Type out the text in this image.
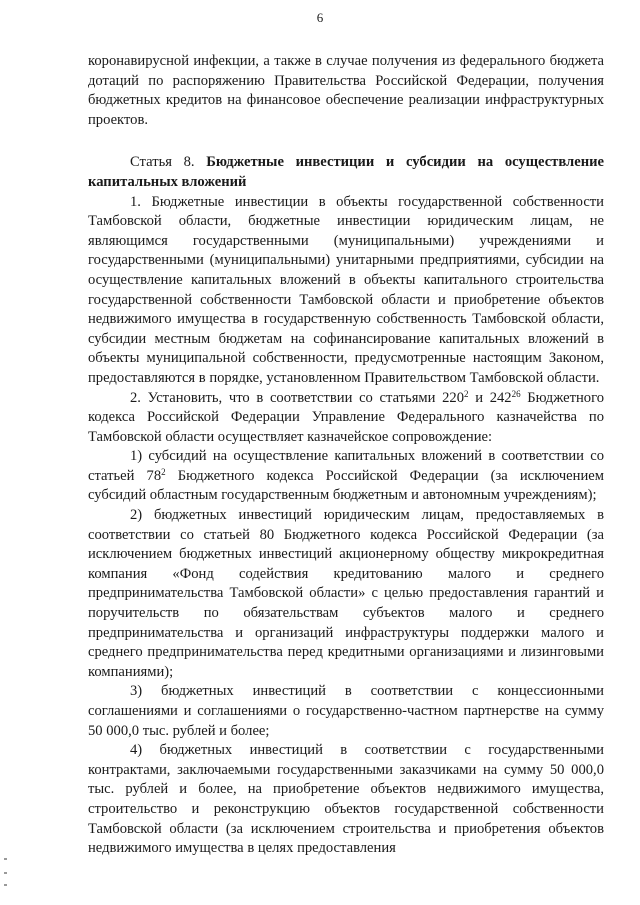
6

коронавирусной инфекции, а также в случае получения из федерального бюджета дотаций по распоряжению Правительства Российской Федерации, получения бюджетных кредитов на финансовое обеспечение реализации инфраструктурных проектов.

Статья 8. Бюджетные инвестиции и субсидии на осуществление капитальных вложений

1. Бюджетные инвестиции в объекты государственной собственности Тамбовской области, бюджетные инвестиции юридическим лицам, не являющимся государственными (муниципальными) учреждениями и государственными (муниципальными) унитарными предприятиями, субсидии на осуществление капитальных вложений в объекты капитального строительства государственной собственности Тамбовской области и приобретение объектов недвижимого имущества в государственную собственность Тамбовской области, субсидии местным бюджетам на софинансирование капитальных вложений в объекты муниципальной собственности, предусмотренные настоящим Законом, предоставляются в порядке, установленном Правительством Тамбовской области.

2. Установить, что в соответствии со статьями $220^2$ и $242^{26}$ Бюджетного кодекса Российской Федерации Управление Федерального казначейства по Тамбовской области осуществляет казначейское сопровождение:

1) субсидий на осуществление капитальных вложений в соответствии со статьей $78^2$ Бюджетного кодекса Российской Федерации (за исключением субсидий областным государственным бюджетным и автономным учреждениям);

2) бюджетных инвестиций юридическим лицам, предоставляемых в соответствии со статьей 80 Бюджетного кодекса Российской Федерации (за исключением бюджетных инвестиций акционерному обществу микрокредитная компания «Фонд содействия кредитованию малого и среднего предпринимательства Тамбовской области» с целью предоставления гарантий и поручительств по обязательствам субъектов малого и среднего предпринимательства и организаций инфраструктуры поддержки малого и среднего предпринимательства перед кредитными организациями и лизинговыми компаниями);

3) бюджетных инвестиций в соответствии с концессионными соглашениями и соглашениями о государственно-частном партнерстве на сумму 50 000,0 тыс. рублей и более;

4) бюджетных инвестиций в соответствии с государственными контрактами, заключаемыми государственными заказчиками на сумму 50 000,0 тыс. рублей и более, на приобретение объектов недвижимого имущества, строительство и реконструкцию объектов государственной собственности Тамбовской области (за исключением строительства и приобретения объектов недвижимого имущества в целях предоставления
